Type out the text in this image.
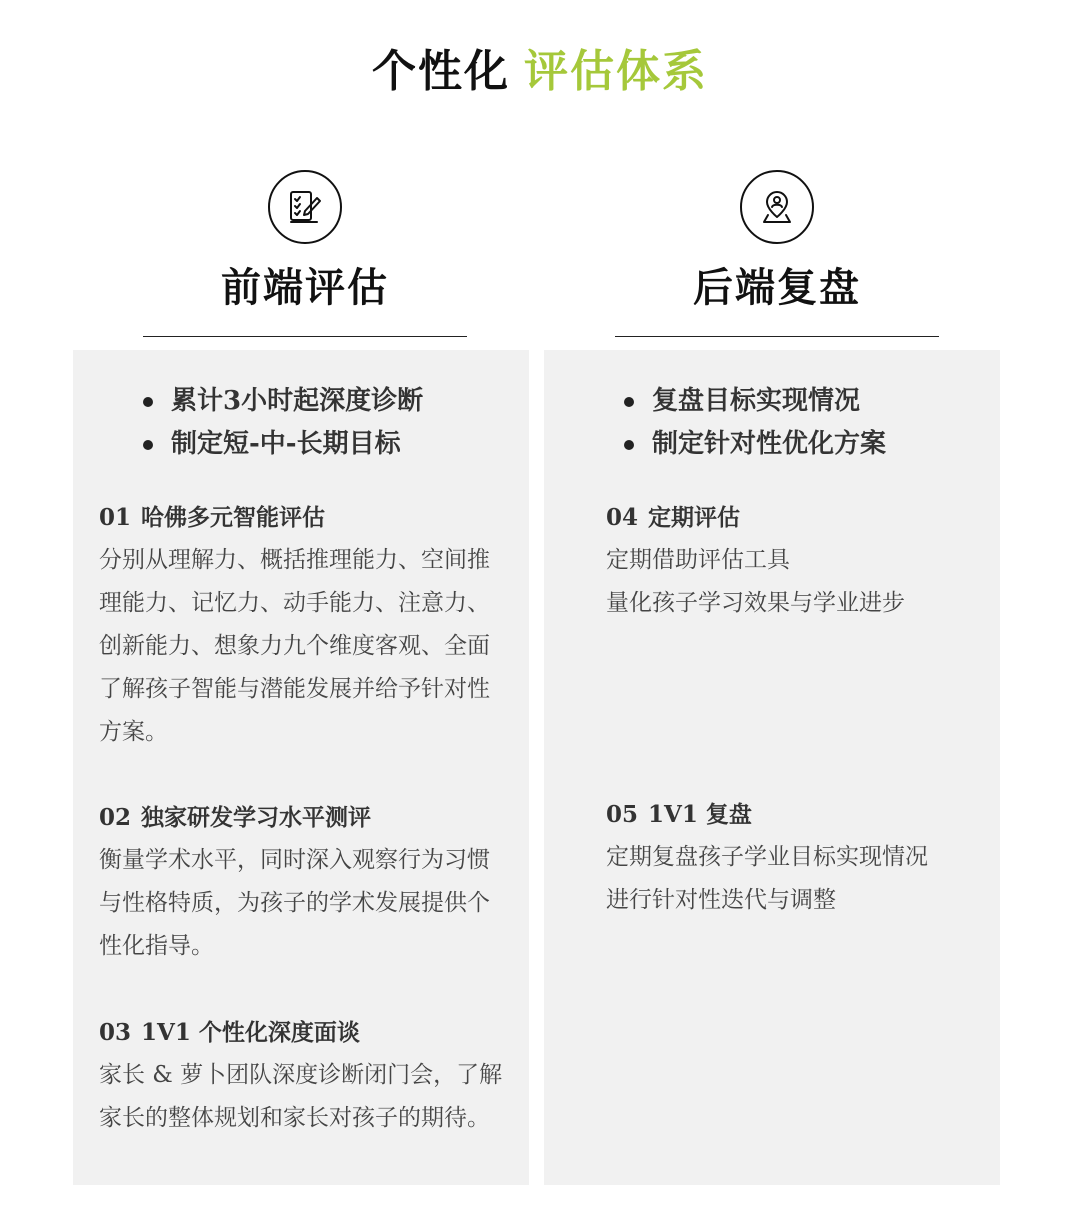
个性化 评估体系
前端评估	后端复盘
累计3小时起深度诊断
制定短-中-长期目标
01 哈佛多元智能评估
分别从理解力、概括推理能力、空间推
理能力、记忆力、动手能力、注意力、
创新能力、想象力九个维度客观、全面
了解孩子智能与潜能发展并给予针对性
方案。
02 独家研发学习水平测评
衡量学术水平，同时深入观察行为习惯
与性格特质，为孩子的学术发展提供个
性化指导。
03 1V1 个性化深度面谈
家长 & 萝卜团队深度诊断闭门会，了解
家长的整体规划和家长对孩子的期待。
复盘目标实现情况
制定针对性优化方案
04 定期评估
定期借助评估工具
量化孩子学习效果与学业进步
05 1V1 复盘
定期复盘孩子学业目标实现情况
进行针对性迭代与调整
